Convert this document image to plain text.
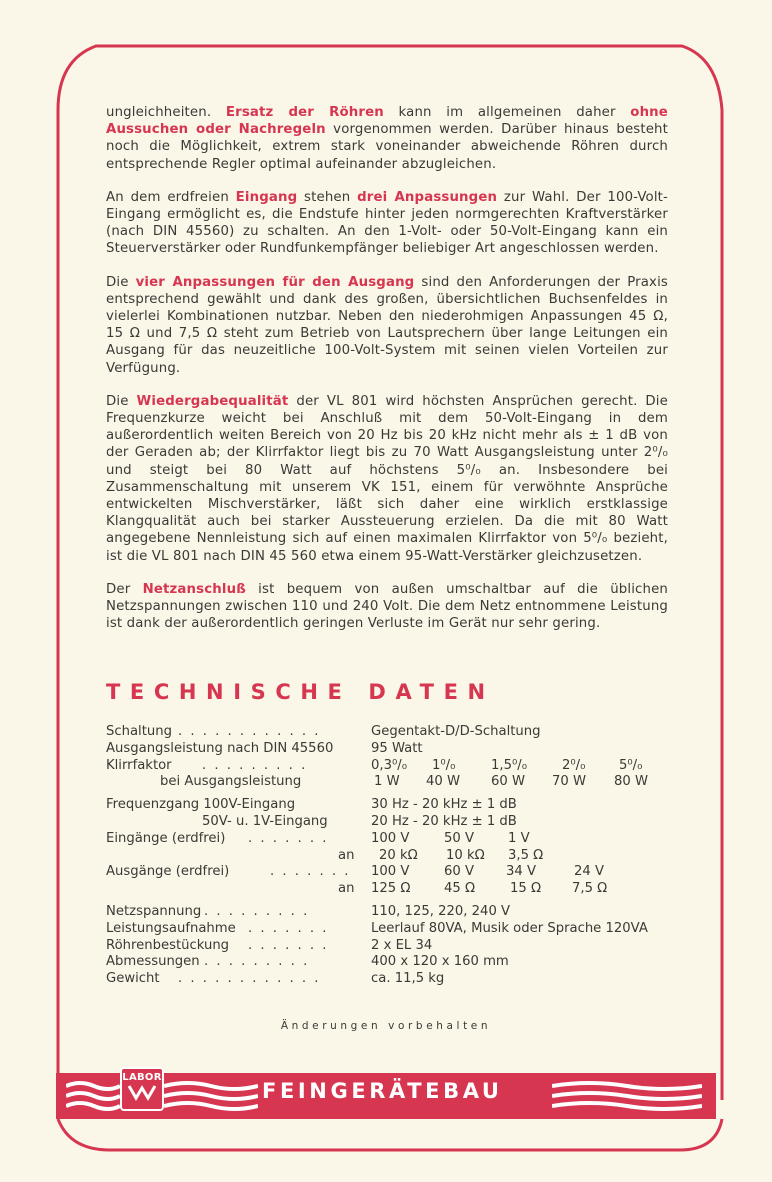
ungleichheiten. Ersatz der Röhren kann im allgemeinen daher ohne Aussuchen oder Nachregeln vorgenommen werden. Darüber hinaus besteht noch die Möglichkeit, extrem stark voneinander abweichende Röhren durch entsprechende Regler optimal aufeinander abzugleichen.

An dem erdfreien Eingang stehen drei Anpassungen zur Wahl. Der 100-Volt-Eingang ermöglicht es, die Endstufe hinter jeden normgerechten Kraftverstärker (nach DIN 45560) zu schalten. An den 1-Volt- oder 50-Volt-Eingang kann ein Steuerverstärker oder Rundfunkempfänger beliebiger Art angeschlossen werden.

Die vier Anpassungen für den Ausgang sind den Anforderungen der Praxis entsprechend gewählt und dank des großen, übersichtlichen Buchsenfeldes in vielerlei Kombinationen nutzbar. Neben den niederohmigen Anpassungen 45 Ω, 15 Ω und 7,5 Ω steht zum Betrieb von Lautsprechern über lange Leitungen ein Ausgang für das neuzeitliche 100-Volt-System mit seinen vielen Vorteilen zur Verfügung.

Die Wiedergabequalität der VL 801 wird höchsten Ansprüchen gerecht. Die Frequenzkurze weicht bei Anschluß mit dem 50-Volt-Eingang in dem außerordentlich weiten Bereich von 20 Hz bis 20 kHz nicht mehr als ± 1 dB von der Geraden ab; der Klirrfaktor liegt bis zu 70 Watt Ausgangsleistung unter 2⁰/₀ und steigt bei 80 Watt auf höchstens 5⁰/₀ an. Insbesondere bei Zusammenschaltung mit unserem VK 151, einem für verwöhnte Ansprüche entwickelten Mischverstärker, läßt sich daher eine wirklich erstklassige Klangqualität auch bei starker Aussteuerung erzielen. Da die mit 80 Watt angegebene Nennleistung sich auf einen maximalen Klirrfaktor von 5⁰/₀ bezieht, ist die VL 801 nach DIN 45 560 etwa einem 95-Watt-Verstärker gleichzusetzen.

Der Netzanschluß ist bequem von außen umschaltbar auf die üblichen Netzspannungen zwischen 110 und 240 Volt. Die dem Netz entnommene Leistung ist dank der außerordentlich geringen Verluste im Gerät nur sehr gering.

TECHNISCHE DATEN
Schaltung . . . . . . . . . . . .	Gegentakt-D/D-Schaltung
Ausgangsleistung nach DIN 45560	95 Watt
Klirrfaktor . . . . . . . . .	0,3⁰/₀ 1⁰/₀	1,5⁰/₀	2⁰/₀	5⁰/₀
bei Ausgangsleistung	1 W 40 W 60 W 70 W 80 W
Frequenzgang 100V-Eingang	30 Hz - 20 kHz ± 1 dB
50V- u. 1V-Eingang	20 Hz - 20 kHz ± 1 dB
Eingänge (erdfrei) . . . . . . .	100 V	50 V	1 V
an 20 kΩ 10 kΩ 3,5 Ω
Ausgänge (erdfrei)	. . . . . . . 100 V	60 V 34 V	24 V
an 125 Ω	45 Ω	15 Ω 7,5 Ω
Netzspannung . . . . . . . . .	110, 125, 220, 240 V
Leistungsaufnahme . . . . . . .	Leerlauf 80VA, Musik oder Sprache 120VA
Röhrenbestückung . . . . . . .	2 x EL 34
Abmessungen . . . . . . . . .	400 x 120 x 160 mm
Gewicht . . . . . . . . . . . .	ca. 11,5 kg
Änderungen vorbehalten
LABOR
FEINGERÄTEBAU
